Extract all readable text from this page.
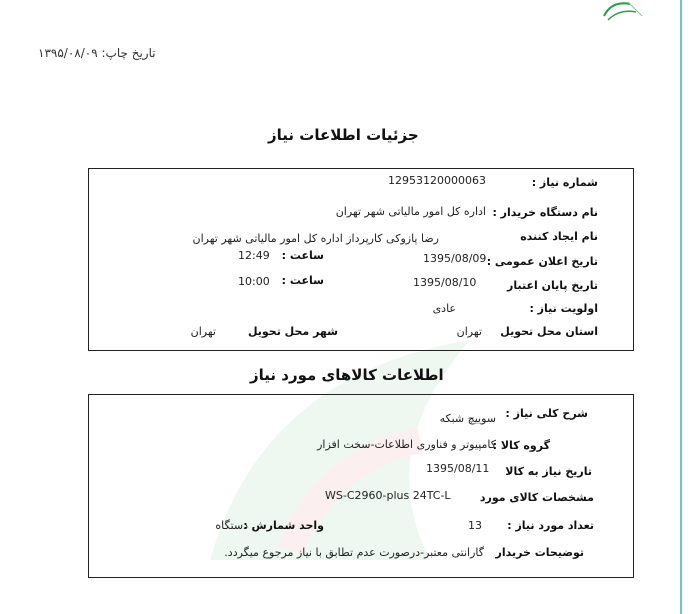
تاریخ چاپ: ۱۳۹۵/۰۸/۰۹
جزئیات اطلاعات نیاز
شماره نیاز :
12953120000063
نام دستگاه خریدار :
اداره کل امور مالیاتی شهر تهران
نام ایجاد کننده
رضا پازوکی کارپرداز اداره کل امور مالیاتی شهر تهران
تاریخ اعلان عمومی :
1395/08/09
ساعت :
12:49
تاریخ پایان اعتبار
1395/08/10
ساعت :
10:00
اولویت نیاز :
عادی
استان محل تحویل
تهران
شهر محل تحویل
تهران
اطلاعات کالاهای مورد نیاز
شرح کلی نیاز :
سوییچ شبکه
گروه کالا :
کامپیوتر و فناوری اطلاعات-سخت افزار
تاریخ نیاز به کالا
1395/08/11
مشخصات کالای مورد
WS-C2960-plus 24TC-L
تعداد مورد نیاز :
13
واحد شمارش :
دستگاه
توضیحات خریدار
گارانتی معتبر-درصورت عدم تطابق با نیاز مرجوع میگردد.
